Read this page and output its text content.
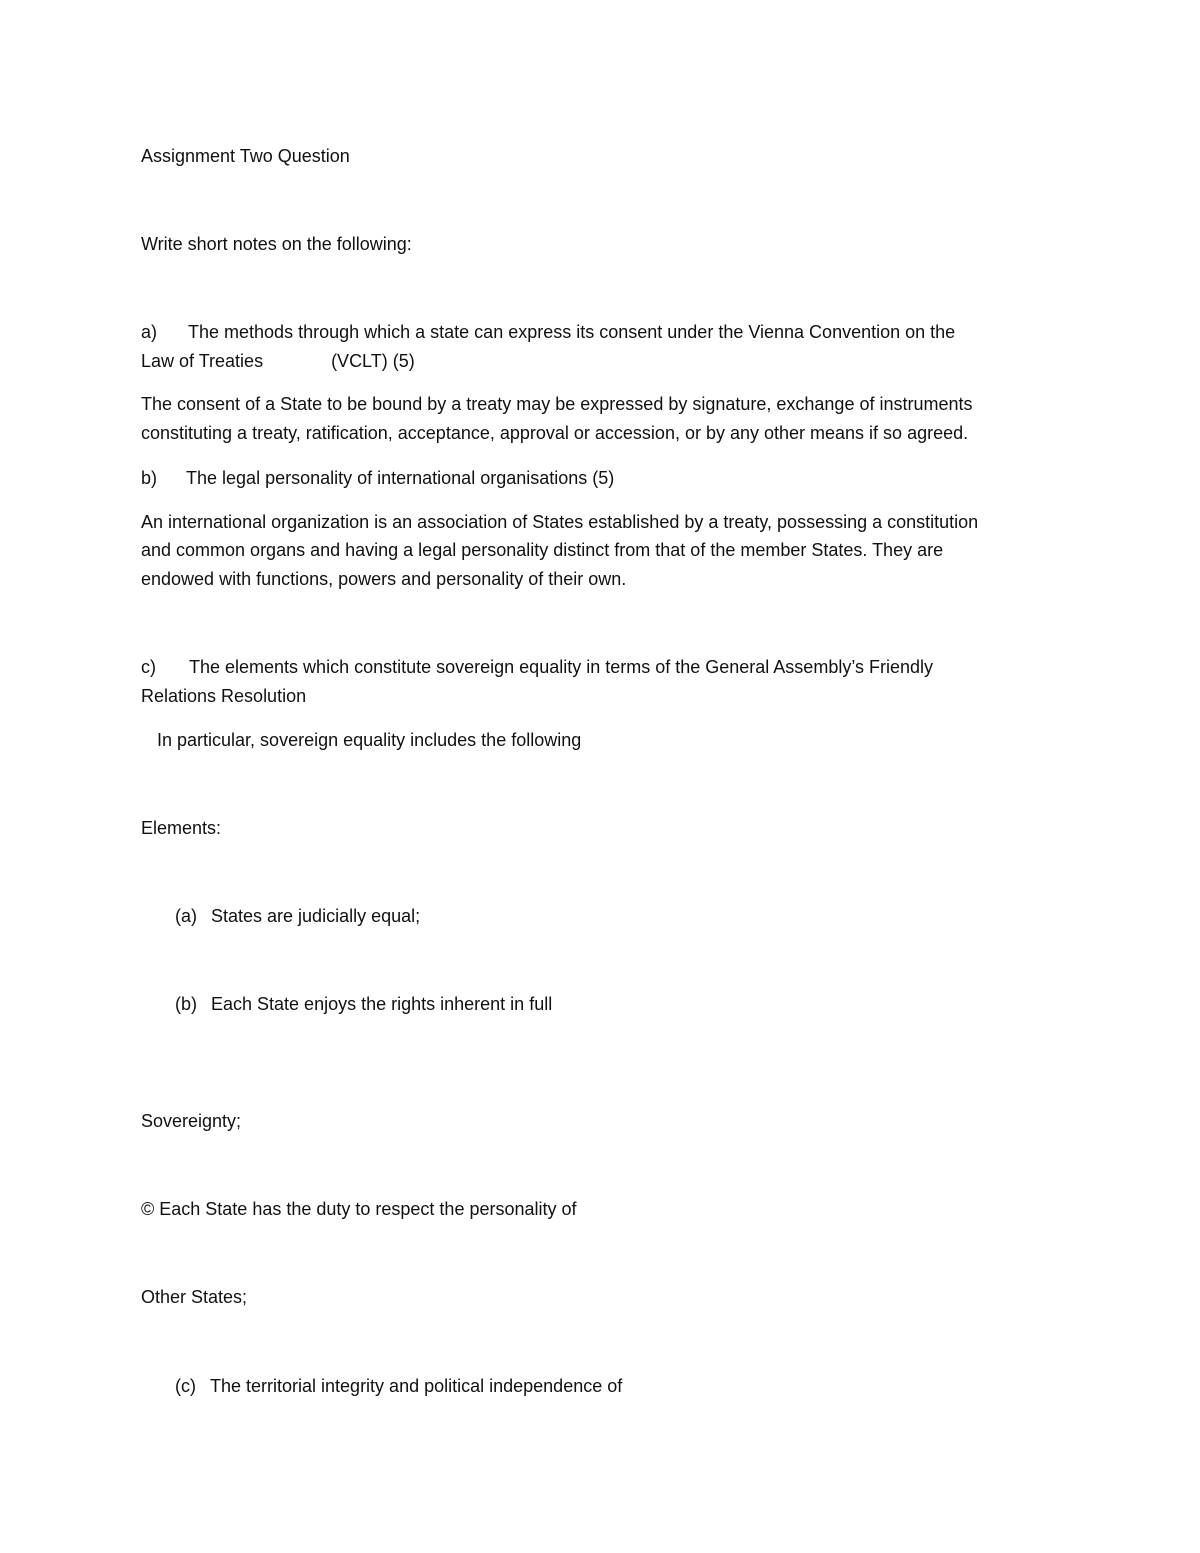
Assignment Two Question
Write short notes on the following:
a) The methods through which a state can express its consent under the Vienna Convention on the
Law of Treaties	(VCLT) (5)
The consent of a State to be bound by a treaty may be expressed by signature, exchange of instruments
constituting a treaty, ratification, acceptance, approval or accession, or by any other means if so agreed.
b) The legal personality of international organisations (5)
An international organization is an association of States established by a treaty, possessing a constitution
and common organs and having a legal personality distinct from that of the member States. They are
endowed with functions, powers and personality of their own.
c) The elements which constitute sovereign equality in terms of the General Assembly’s Friendly
Relations Resolution
In particular, sovereign equality includes the following
Elements:
(a) States are judicially equal;
(b) Each State enjoys the rights inherent in full
Sovereignty;
© Each State has the duty to respect the personality of
Other States;
(c) The territorial integrity and political independence of
